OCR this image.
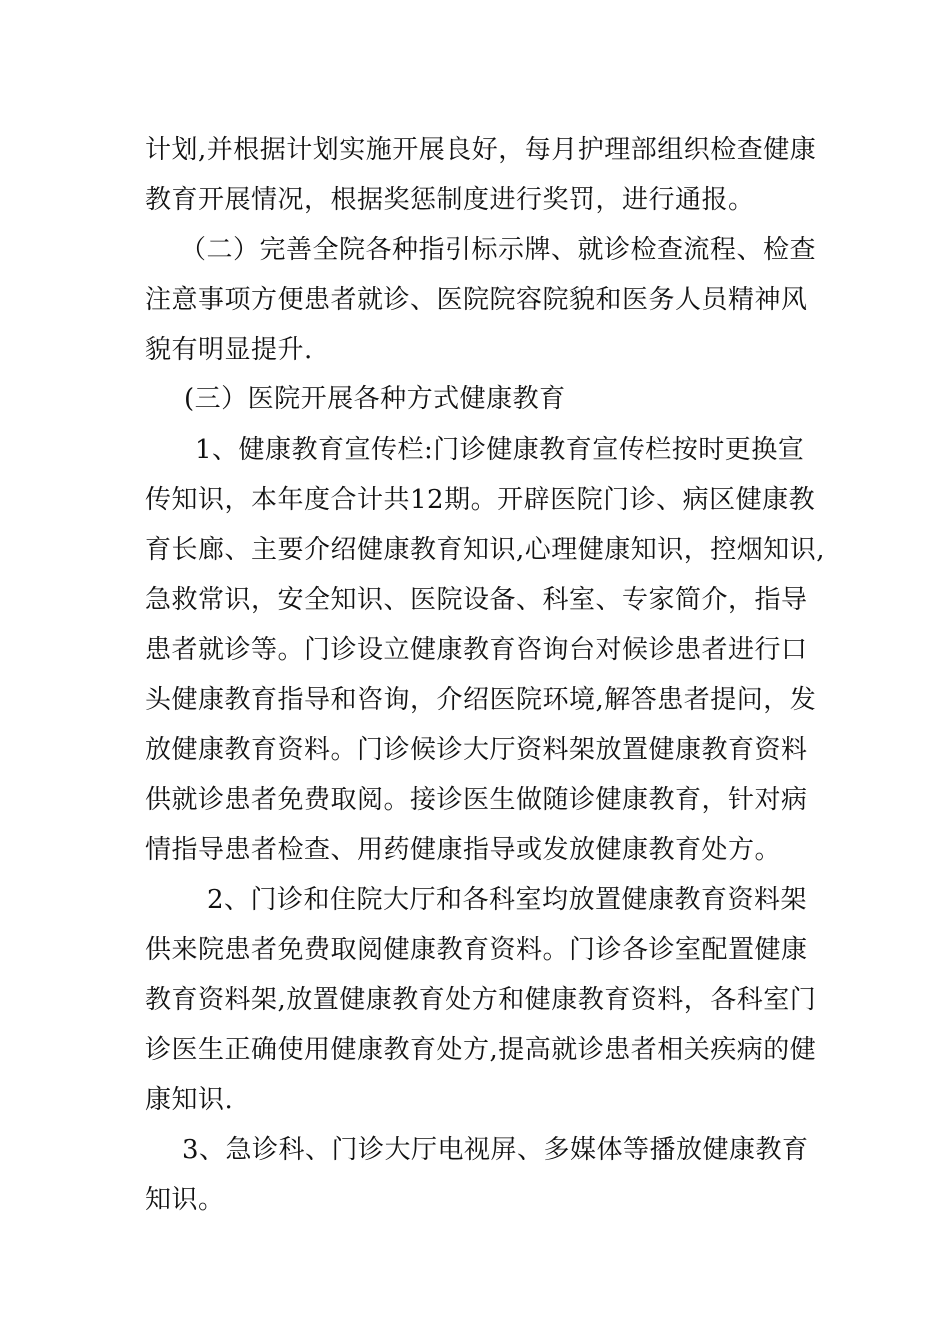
计划,并根据计划实施开展良好，每月护理部组织检查健康
教育开展情况，根据奖惩制度进行奖罚，进行通报。
（二）完善全院各种指引标示牌、就诊检查流程、检查
注意事项方便患者就诊、医院院容院貌和医务人员精神风
貌有明显提升.
(三）医院开展各种方式健康教育
1、健康教育宣传栏:门诊健康教育宣传栏按时更换宣
传知识，本年度合计共12期。开辟医院门诊、病区健康教
育长廊、主要介绍健康教育知识,心理健康知识，控烟知识,
急救常识，安全知识、医院设备、科室、专家简介，指导
患者就诊等。门诊设立健康教育咨询台对候诊患者进行口
头健康教育指导和咨询，介绍医院环境,解答患者提问，发
放健康教育资料。门诊候诊大厅资料架放置健康教育资料
供就诊患者免费取阅。接诊医生做随诊健康教育，针对病
情指导患者检查、用药健康指导或发放健康教育处方。
2、门诊和住院大厅和各科室均放置健康教育资料架
供来院患者免费取阅健康教育资料。门诊各诊室配置健康
教育资料架,放置健康教育处方和健康教育资料，各科室门
诊医生正确使用健康教育处方,提高就诊患者相关疾病的健
康知识.
3、急诊科、门诊大厅电视屏、多媒体等播放健康教育
知识。
